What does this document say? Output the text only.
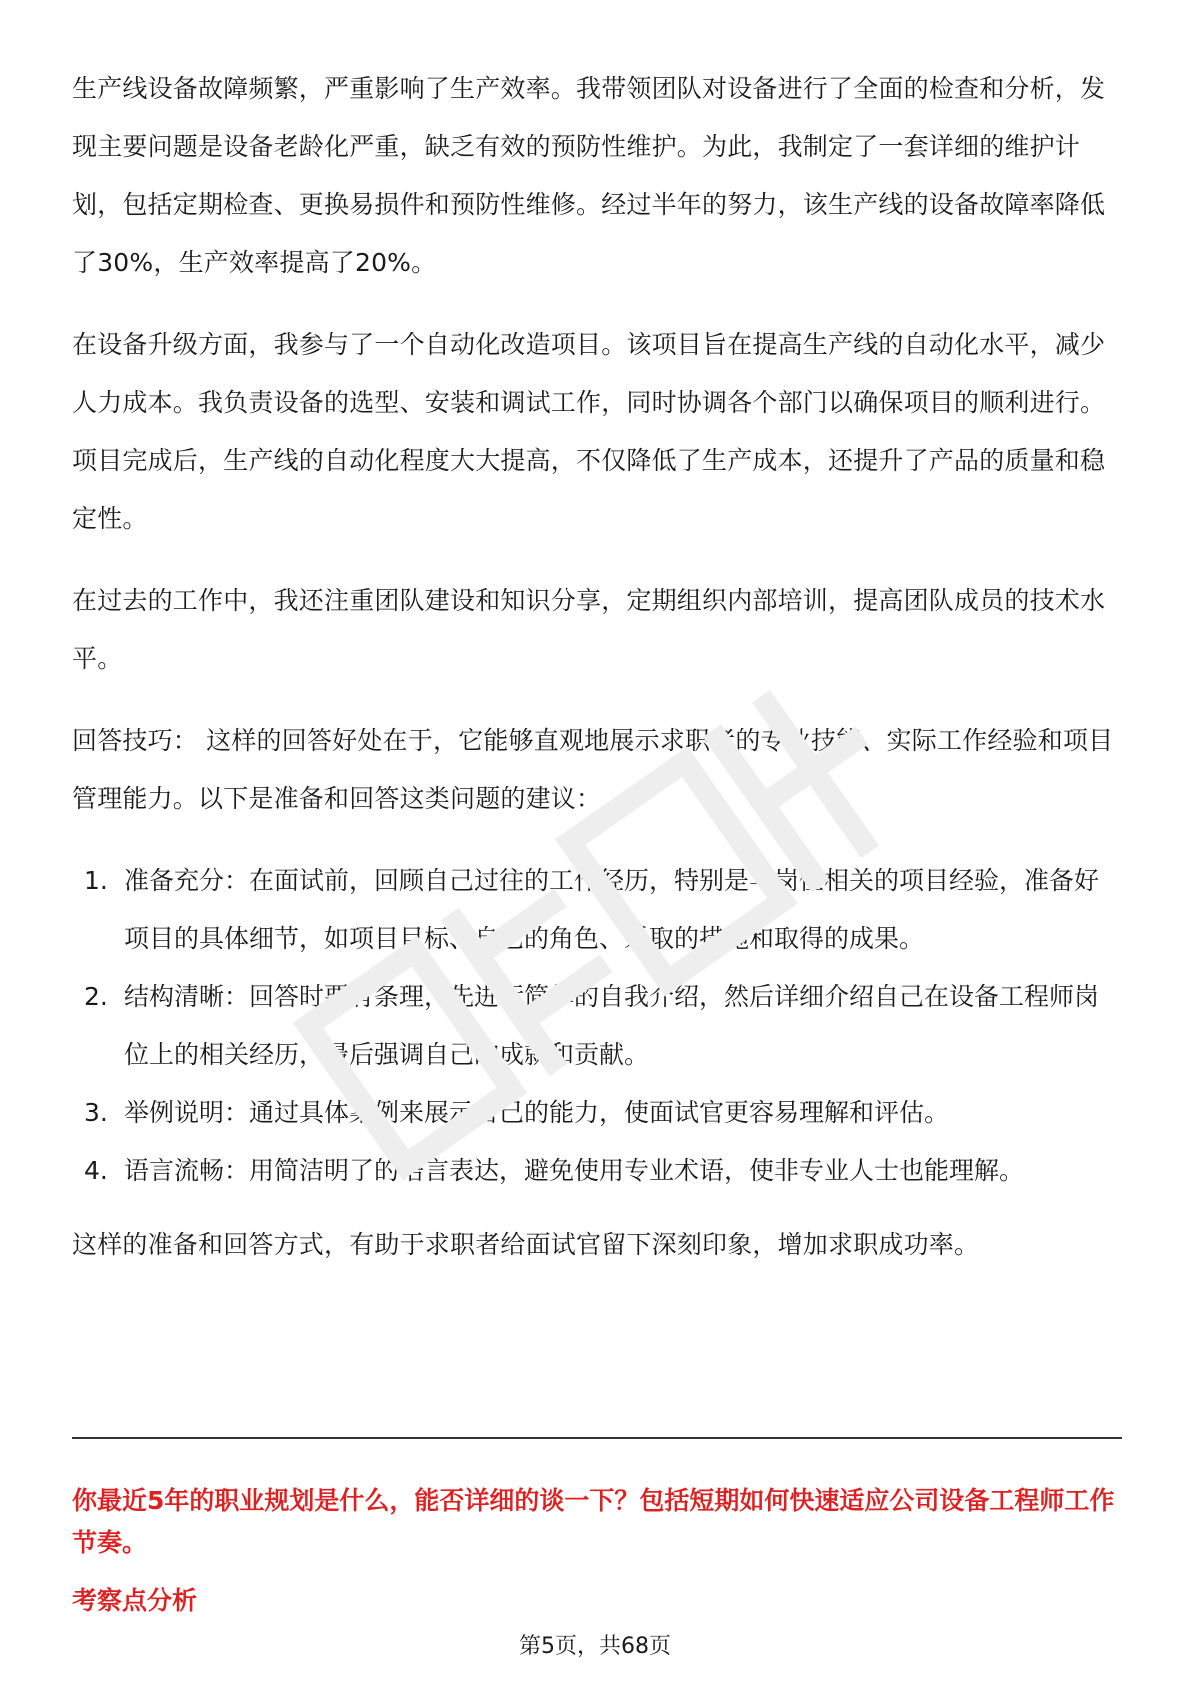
生产线设备故障频繁，严重影响了生产效率。我带领团队对设备进行了全面的检查和分析，发现主要问题是设备老龄化严重，缺乏有效的预防性维护。为此，我制定了一套详细的维护计划，包括定期检查、更换易损件和预防性维修。经过半年的努力，该生产线的设备故障率降低了30%，生产效率提高了20%。

在设备升级方面，我参与了一个自动化改造项目。该项目旨在提高生产线的自动化水平，减少人力成本。我负责设备的选型、安装和调试工作，同时协调各个部门以确保项目的顺利进行。项目完成后，生产线的自动化程度大大提高，不仅降低了生产成本，还提升了产品的质量和稳定性。

在过去的工作中，我还注重团队建设和知识分享，定期组织内部培训，提高团队成员的技术水平。

回答技巧： 这样的回答好处在于，它能够直观地展示求职者的专业技能、实际工作经验和项目管理能力。以下是准备和回答这类问题的建议：

1. 准备充分：在面试前，回顾自己过往的工作经历，特别是与岗位相关的项目经验，准备好项目的具体细节，如项目目标、自己的角色、采取的措施和取得的成果。
2. 结构清晰：回答时要有条理，先进行简单的自我介绍，然后详细介绍自己在设备工程师岗位上的相关经历，最后强调自己的成就和贡献。
3. 举例说明：通过具体案例来展示自己的能力，使面试官更容易理解和评估。
4. 语言流畅：用简洁明了的语言表达，避免使用专业术语，使非专业人士也能理解。

这样的准备和回答方式，有助于求职者给面试官留下深刻印象，增加求职成功率。

你最近5年的职业规划是什么，能否详细的谈一下？包括短期如何快速适应公司设备工程师工作节奏。
考察点分析
第5页，共68页
